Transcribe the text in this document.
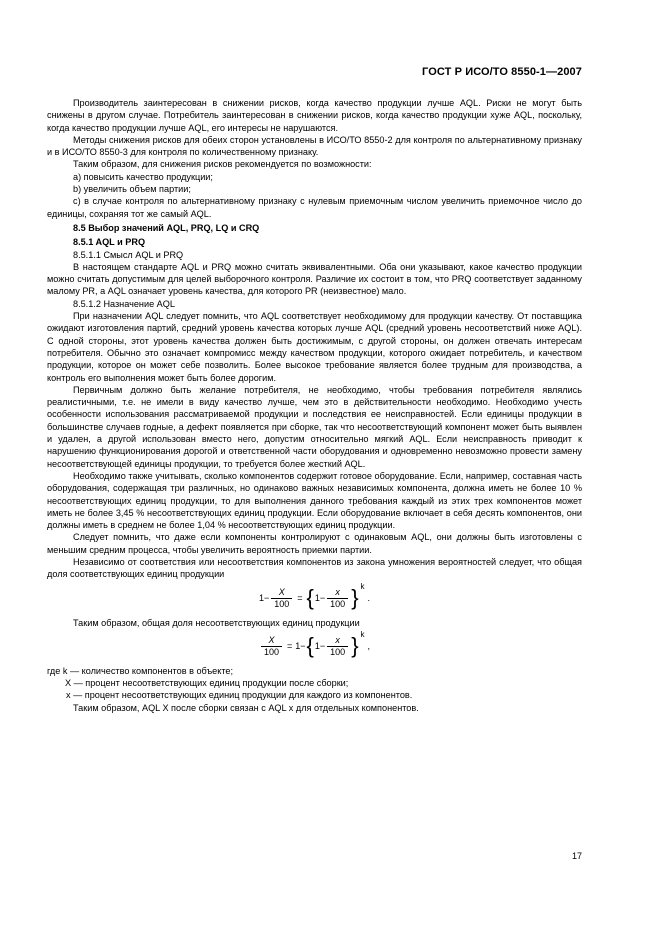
ГОСТ Р ИСО/ТО 8550-1—2007

Производитель заинтересован в снижении рисков, когда качество продукции лучше AQL. Риски не могут быть снижены в другом случае. Потребитель заинтересован в снижении рисков, когда качество продукции хуже AQL, поскольку, когда качество продукции лучше AQL, его интересы не нарушаются.

Методы снижения рисков для обеих сторон установлены в ИСО/ТО 8550-2 для контроля по альтернативному признаку и в ИСО/ТО 8550-3 для контроля по количественному признаку.

Таким образом, для снижения рисков рекомендуется по возможности:

a) повысить качество продукции;

b) увеличить объем партии;

c) в случае контроля по альтернативному признаку с нулевым приемочным числом увеличить приемочное число до единицы, сохраняя тот же самый AQL.

8.5 Выбор значений AQL, PRQ, LQ и CRQ

8.5.1 AQL и PRQ

8.5.1.1 Смысл AQL и PRQ

В настоящем стандарте AQL и PRQ можно считать эквивалентными. Оба они указывают, какое качество продукции можно считать допустимым для целей выборочного контроля. Различие их состоит в том, что PRQ соответствует заданному малому PR, а AQL означает уровень качества, для которого PR (неизвестное) мало.

8.5.1.2 Назначение AQL

При назначении AQL следует помнить, что AQL соответствует необходимому для продукции качеству. От поставщика ожидают изготовления партий, средний уровень качества которых лучше AQL (средний уровень несоответствий ниже AQL). С одной стороны, этот уровень качества должен быть достижимым, с другой стороны, он должен отвечать интересам потребителя. Обычно это означает компромисс между качеством продукции, которого ожидает потребитель, и качеством продукции, которое он может себе позволить. Более высокое требование является более трудным для производства, а контроль его выполнения может быть более дорогим.

Первичным должно быть желание потребителя, не необходимо, чтобы требования потребителя являлись реалистичными, т.е. не имели в виду качество лучше, чем это в действительности необходимо. Необходимо учесть особенности использования рассматриваемой продукции и последствия ее неисправностей. Если единицы продукции в большинстве случаев годные, а дефект появляется при сборке, так что несоответствующий компонент может быть выявлен и удален, а другой использован вместо него, допустим относительно мягкий AQL. Если неисправность приводит к нарушению функционирования дорогой и ответственной части оборудования и одновременно невозможно провести замену несоответствующей единицы продукции, то требуется более жесткий AQL.

Необходимо также учитывать, сколько компонентов содержит готовое оборудование. Если, например, составная часть оборудования, содержащая три различных, но одинаково важных независимых компонента, должна иметь не более 10 % несоответствующих единиц продукции, то для выполнения данного требования каждый из этих трех компонентов может иметь не более 3,45 % несоответствующих единиц продукции. Если оборудование включает в себя десять компонентов, они должны иметь в среднем не более 1,04 % несоответствующих единиц продукции.

Следует помнить, что даже если компоненты контролируют с одинаковым AQL, они должны быть изготовлены с меньшим средним процесса, чтобы увеличить вероятность приемки партии.

Независимо от соответствия или несоответствия компонентов из закона умножения вероятностей следует, что общая доля соответствующих единиц продукции

$1 - \frac{X}{100}$ = { $1 - \frac{x}{100}$ } k
.

Таким образом, общая доля несоответствующих единиц продукции

$\frac{X}{100} = 1$ − { $1 - \frac{x}{100}$ } k
,

где k — количество компонентов в объекте;

X — процент несоответствующих единиц продукции после сборки;

x — процент несоответствующих единиц продукции для каждого из компонентов.

Таким образом, AQL X после сборки связан с AQL x для отдельных компонентов.

17
